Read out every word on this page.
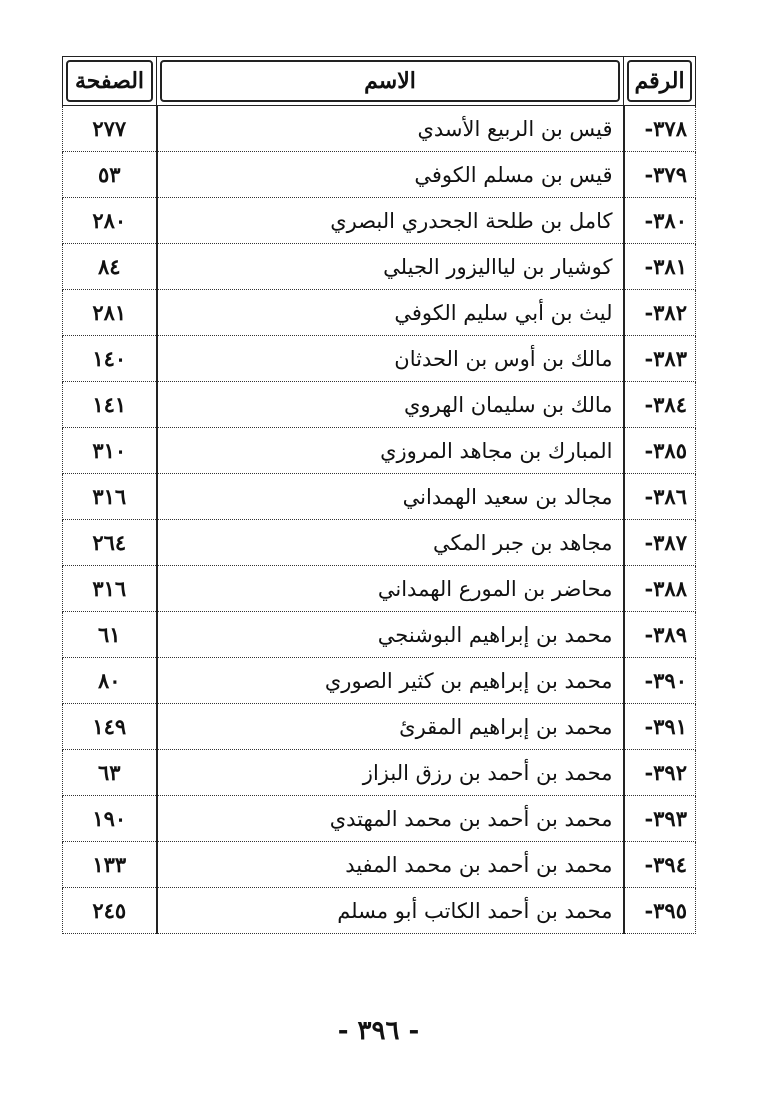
الرقم	الاسم	الصفحة

٣٧٨-	قيس بن الربيع الأسدي	٢٧٧
٣٧٩-	قيس بن مسلم الكوفي	٥٣
٣٨٠-	كامل بن طلحة الجحدري البصري	٢٨٠
٣٨١-	كوشيار بن ليااليزور الجيلي	٨٤
٣٨٢-	ليث بن أبي سليم الكوفي	٢٨١
٣٨٣-	مالك بن أوس بن الحدثان	١٤٠
٣٨٤-	مالك بن سليمان الهروي	١٤١
٣٨٥-	المبارك بن مجاهد المروزي	٣١٠
٣٨٦-	مجالد بن سعيد الهمداني	٣١٦
٣٨٧-	مجاهد بن جبر المكي	٢٦٤
٣٨٨-	محاضر بن المورع الهمداني	٣١٦
٣٨٩-	محمد بن إبراهيم البوشنجي	٦١
٣٩٠-	محمد بن إبراهيم بن كثير الصوري	٨٠
٣٩١-	محمد بن إبراهيم المقرئ	١٤٩
٣٩٢-	محمد بن أحمد بن رزق البزاز	٦٣
٣٩٣-	محمد بن أحمد بن محمد المهتدي	١٩٠
٣٩٤-	محمد بن أحمد بن محمد المفيد	١٣٣
٣٩٥-	محمد بن أحمد الكاتب أبو مسلم	٢٤٥
- ٣٩٦ -
